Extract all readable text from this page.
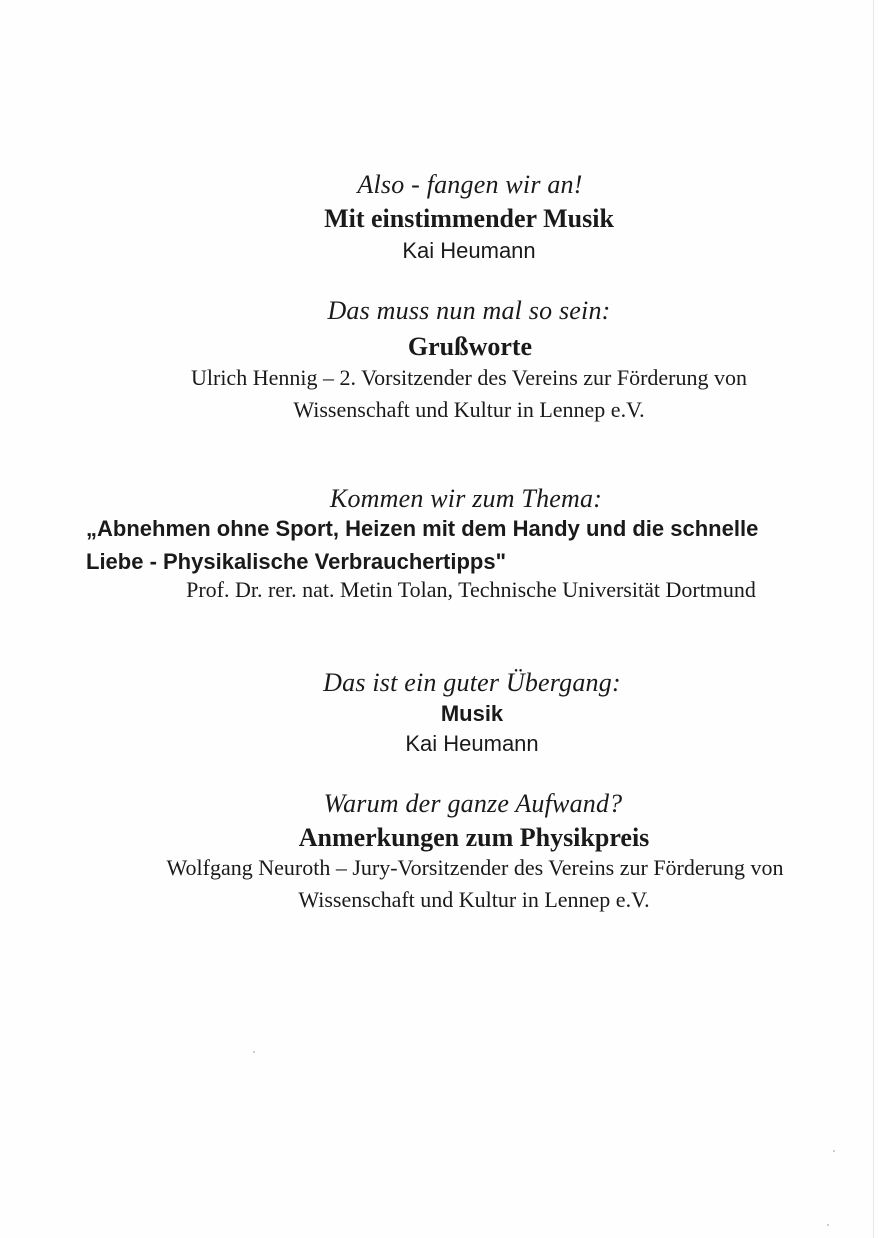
Also - fangen wir an!
Mit einstimmender Musik
Kai Heumann
Das muss nun mal so sein:
Grußworte
Ulrich Hennig – 2. Vorsitzender des Vereins zur Förderung von
Wissenschaft und Kultur in Lennep e.V.
Kommen wir zum Thema:
„Abnehmen ohne Sport, Heizen mit dem Handy und die schnelle
Liebe - Physikalische Verbrauchertipps"
Prof. Dr. rer. nat. Metin Tolan, Technische Universität Dortmund
Das ist ein guter Übergang:
Musik
Kai Heumann
Warum der ganze Aufwand?
Anmerkungen zum Physikpreis
Wolfgang Neuroth – Jury-Vorsitzender des Vereins zur Förderung von
Wissenschaft und Kultur in Lennep e.V.
